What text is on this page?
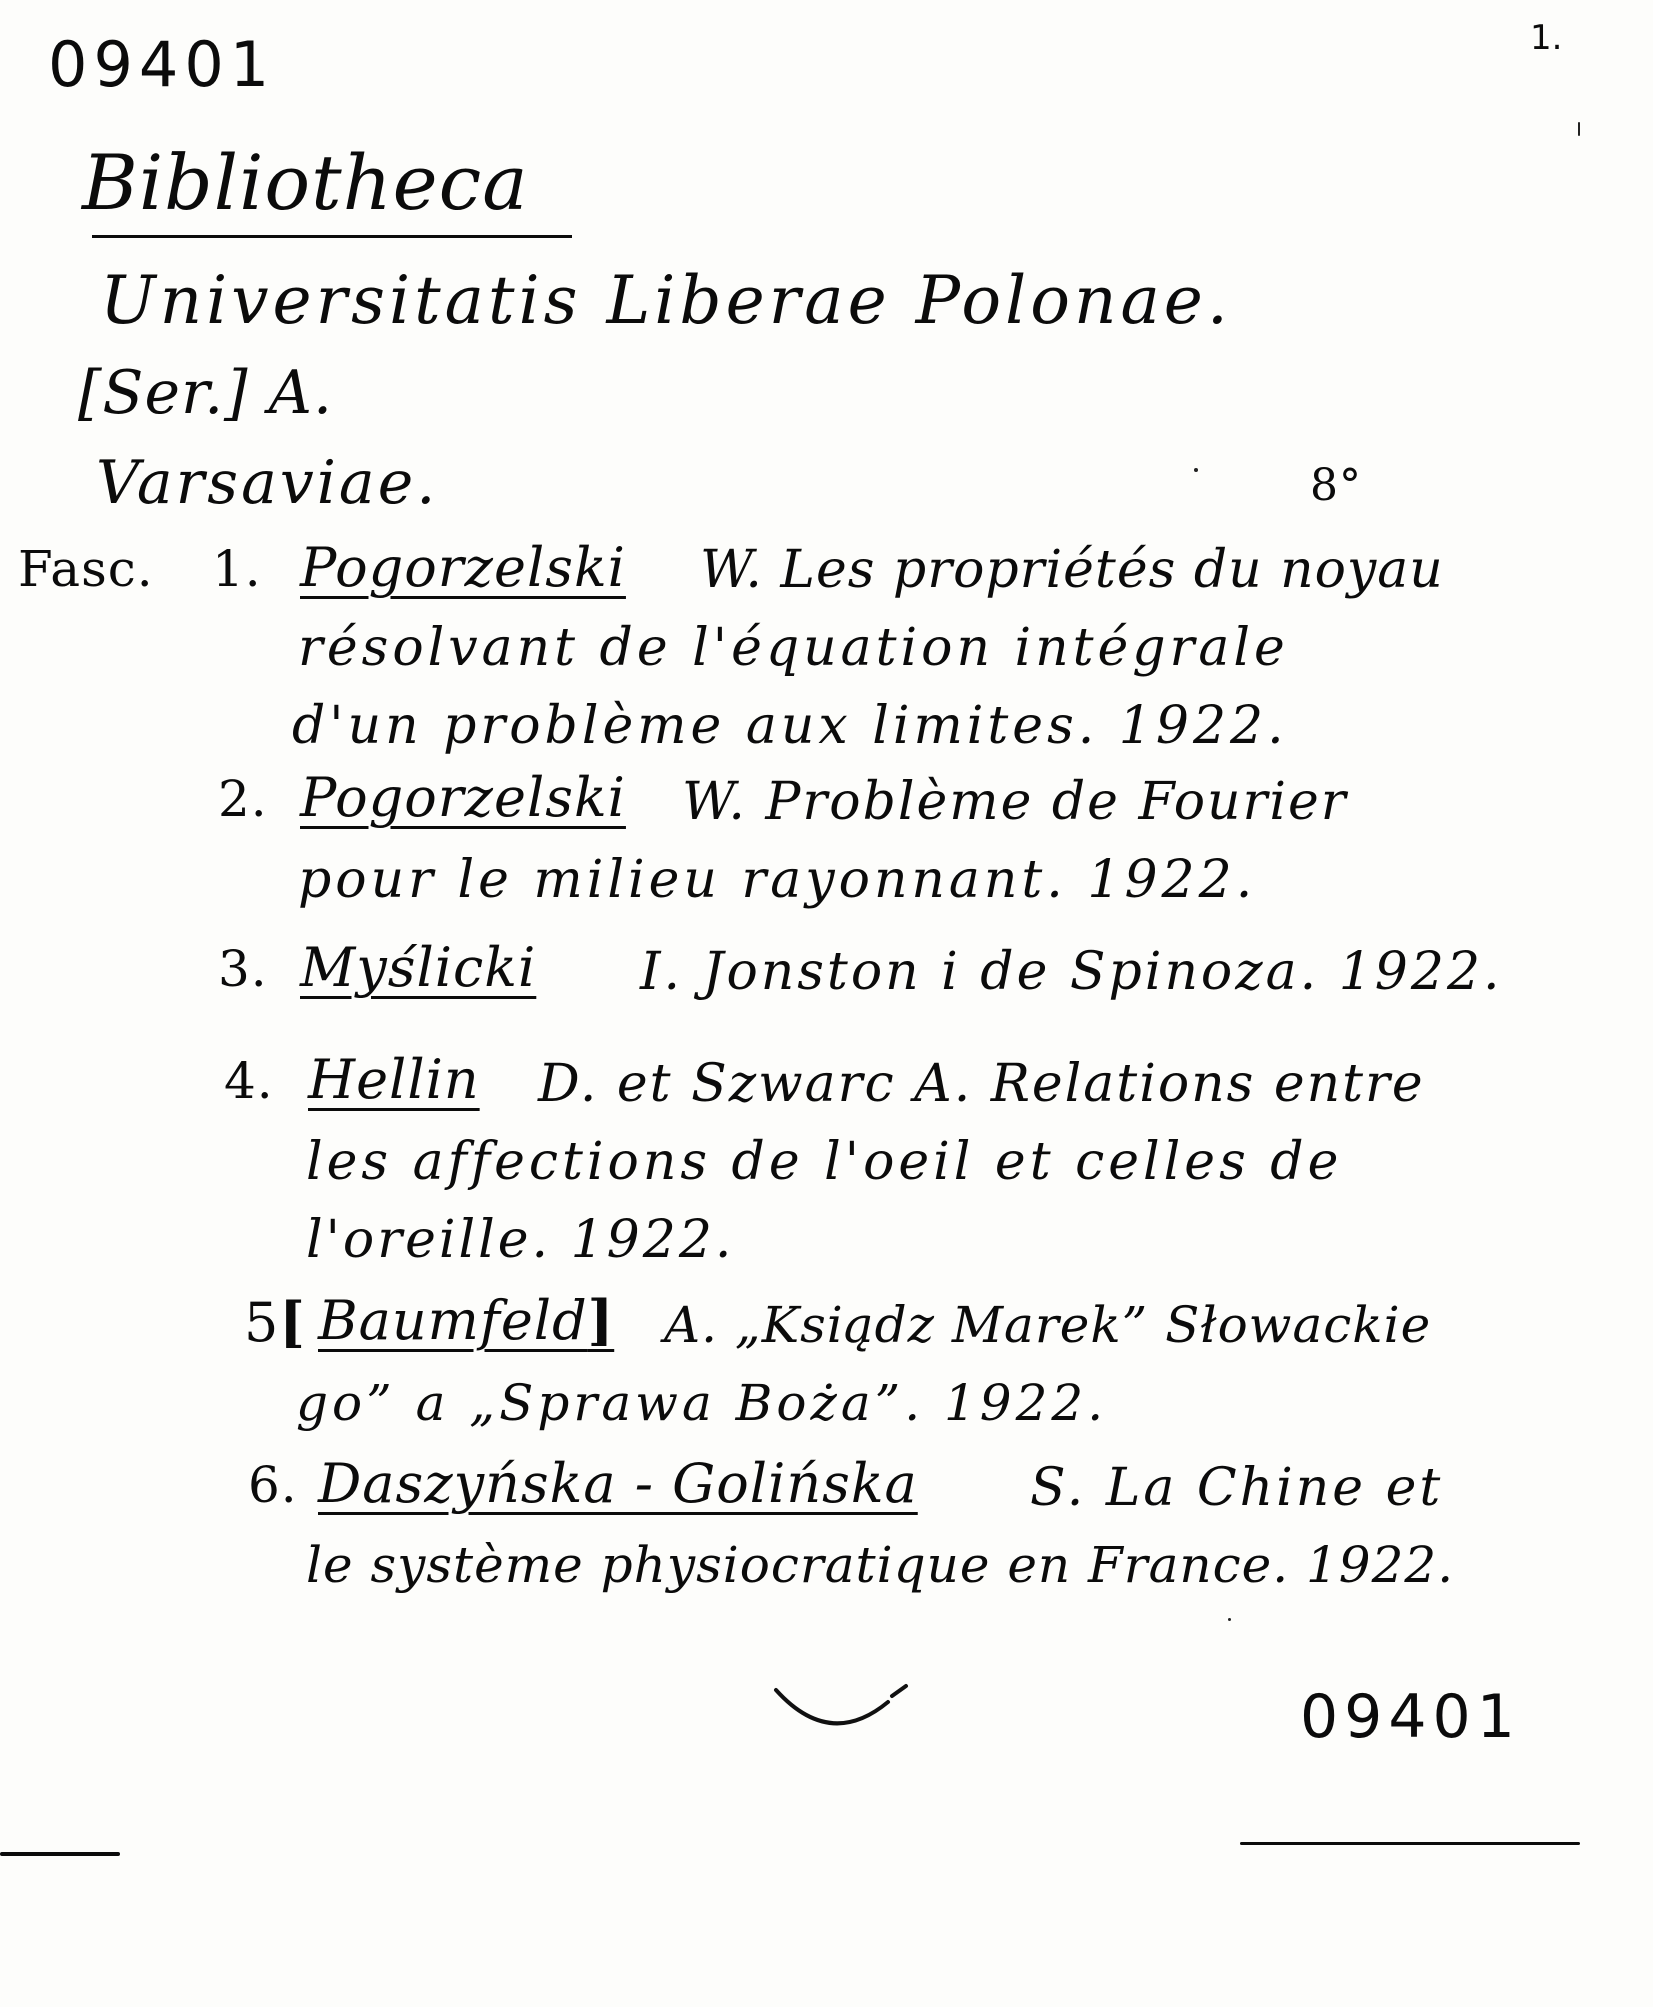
09401	1.
Bibliotheca
Universitatis Liberae Polonae.
[Ser.] A.
Varsaviae.	8°
Fasc. 1. Pogorzelski W. Les propriétés du noyau
résolvant de l'équation intégrale
d'un problème aux limites. 1922.
2. Pogorzelski W. Problème de Fourier
pour le milieu rayonnant. 1922.
3. Myślicki I. Jonston i de Spinoza. 1922.
4. Hellin D. et Szwarc A. Relations entre
les affections de l'oeil et celles de
l'oreille. 1922.
5[ Baumfeld] A. „Ksiądz Marek” Słowackie
go” a „Sprawa Boża”. 1922.
6. Daszyńska - Golińska S. La Chine et
le système physiocratique en France. 1922.
09401
